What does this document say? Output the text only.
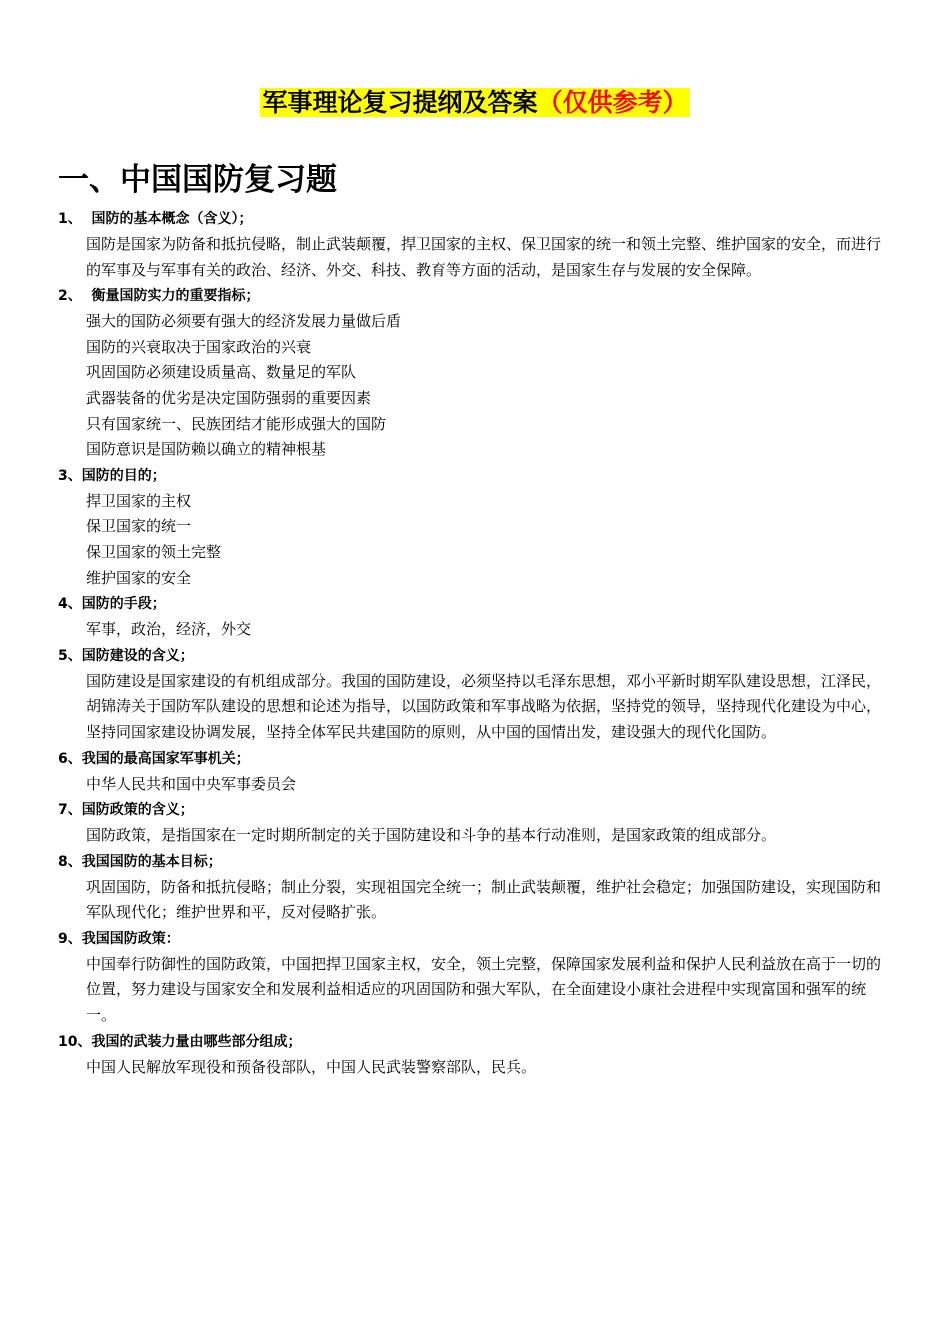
军事理论复习提纲及答案（仅供参考）
一、中国国防复习题
1、  国防的基本概念（含义）；
国防是国家为防备和抵抗侵略，制止武装颠覆，捍卫国家的主权、保卫国家的统一和领土完整、维护国家的安全，而进行的军事及与军事有关的政治、经济、外交、科技、教育等方面的活动，是国家生存与发展的安全保障。
2、  衡量国防实力的重要指标；
强大的国防必须要有强大的经济发展力量做后盾
国防的兴衰取决于国家政治的兴衰
巩固国防必须建设质量高、数量足的军队
武器装备的优劣是决定国防强弱的重要因素
只有国家统一、民族团结才能形成强大的国防
国防意识是国防赖以确立的精神根基
3、国防的目的；
捍卫国家的主权
保卫国家的统一
保卫国家的领土完整
维护国家的安全
4、国防的手段；
军事，政治，经济，外交
5、国防建设的含义；
国防建设是国家建设的有机组成部分。我国的国防建设，必须坚持以毛泽东思想，邓小平新时期军队建设思想，江泽民，胡锦涛关于国防军队建设的思想和论述为指导，以国防政策和军事战略为依据，坚持党的领导，坚持现代化建设为中心，坚持同国家建设协调发展，坚持全体军民共建国防的原则，从中国的国情出发，建设强大的现代化国防。
6、我国的最高国家军事机关；
中华人民共和国中央军事委员会
7、国防政策的含义；
国防政策，是指国家在一定时期所制定的关于国防建设和斗争的基本行动准则，是国家政策的组成部分。
8、我国国防的基本目标；
巩固国防，防备和抵抗侵略；制止分裂，实现祖国完全统一；制止武装颠覆，维护社会稳定；加强国防建设，实现国防和军队现代化；维护世界和平，反对侵略扩张。
9、我国国防政策：
中国奉行防御性的国防政策，中国把捍卫国家主权，安全，领土完整，保障国家发展利益和保护人民利益放在高于一切的位置，努力建设与国家安全和发展利益相适应的巩固国防和强大军队，在全面建设小康社会进程中实现富国和强军的统一。
10、我国的武装力量由哪些部分组成；
中国人民解放军现役和预备役部队，中国人民武装警察部队，民兵。
